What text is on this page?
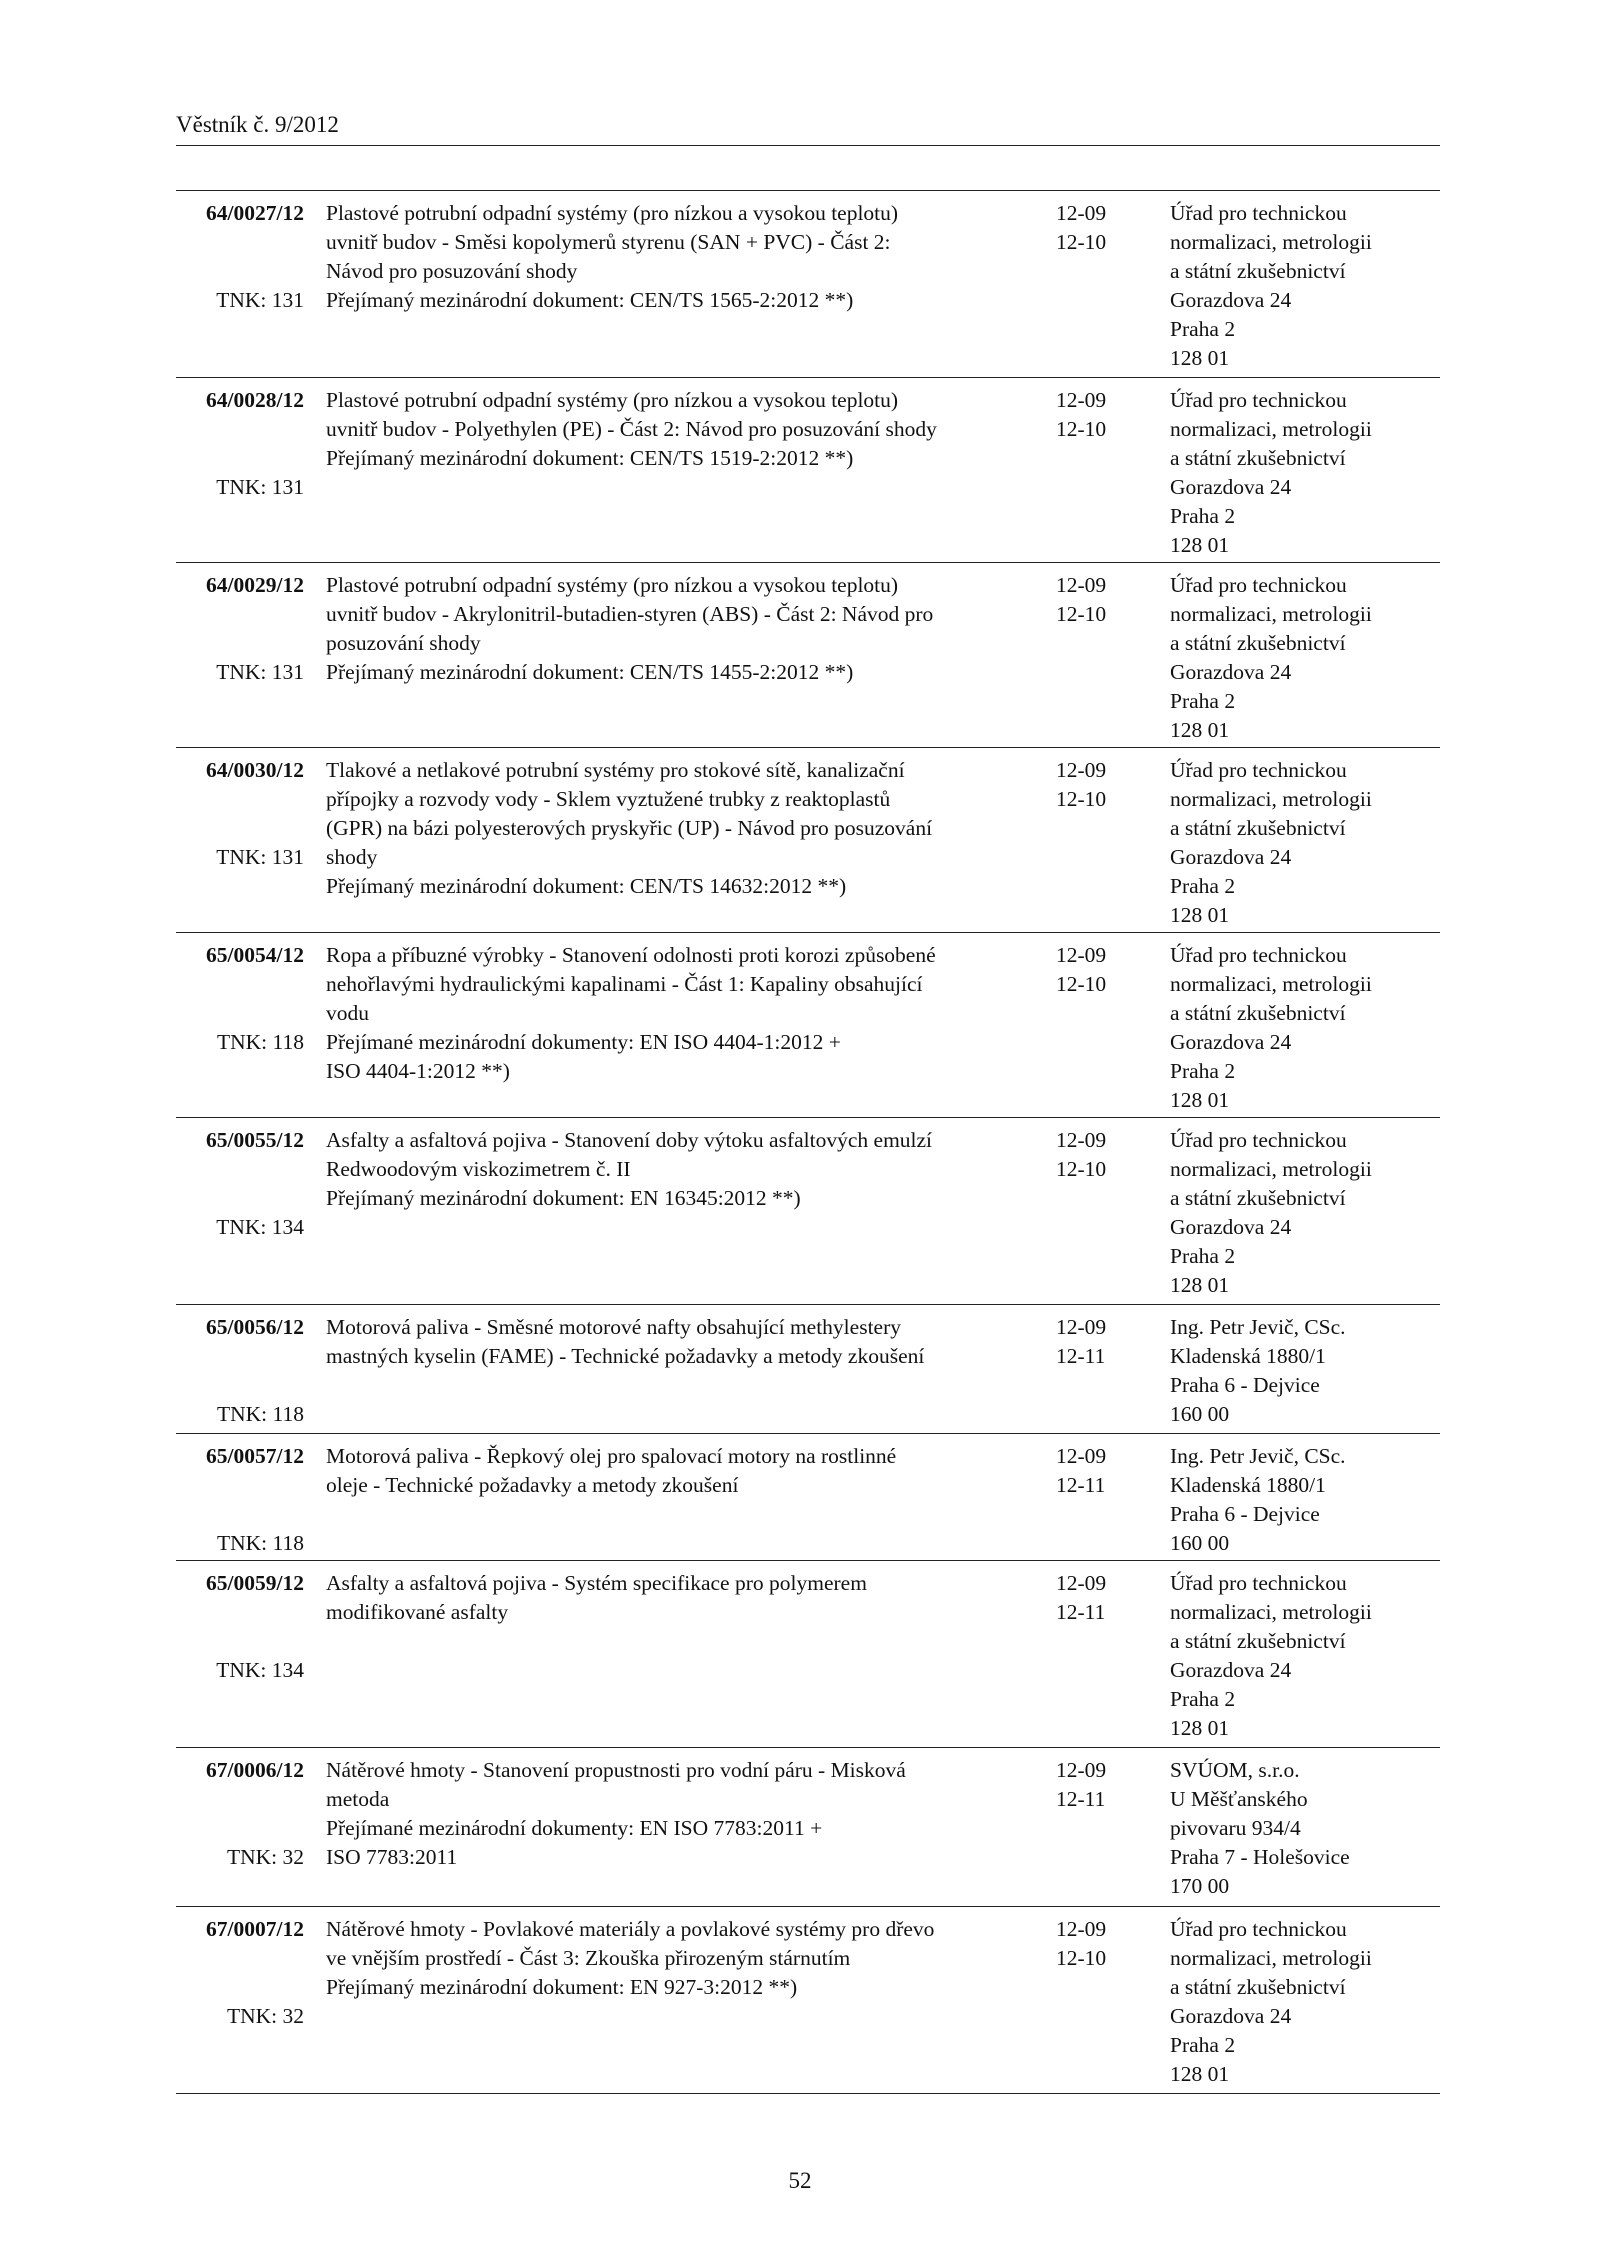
Věstník č. 9/2012
64/0027/12
TNK: 131
Plastové potrubní odpadní systémy (pro nízkou a vysokou teplotu)
uvnitř budov - Směsi kopolymerů styrenu (SAN + PVC) - Část 2:
Návod pro posuzování shody
Přejímaný mezinárodní dokument: CEN/TS 1565-2:2012 **)
12-09
12-10
Úřad pro technickou
normalizaci, metrologii
a státní zkušebnictví
Gorazdova 24
Praha 2
128 01
64/0028/12
TNK: 131
Plastové potrubní odpadní systémy (pro nízkou a vysokou teplotu)
uvnitř budov - Polyethylen (PE) - Část 2: Návod pro posuzování shody
Přejímaný mezinárodní dokument: CEN/TS 1519-2:2012 **)
12-09
12-10
Úřad pro technickou
normalizaci, metrologii
a státní zkušebnictví
Gorazdova 24
Praha 2
128 01
64/0029/12
TNK: 131
Plastové potrubní odpadní systémy (pro nízkou a vysokou teplotu)
uvnitř budov - Akrylonitril-butadien-styren (ABS) - Část 2: Návod pro
posuzování shody
Přejímaný mezinárodní dokument: CEN/TS 1455-2:2012 **)
12-09
12-10
Úřad pro technickou
normalizaci, metrologii
a státní zkušebnictví
Gorazdova 24
Praha 2
128 01
64/0030/12
TNK: 131
Tlakové a netlakové potrubní systémy pro stokové sítě, kanalizační
přípojky a rozvody vody - Sklem vyztužené trubky z reaktoplastů
(GPR) na bázi polyesterových pryskyřic (UP) - Návod pro posuzování
shody
Přejímaný mezinárodní dokument: CEN/TS 14632:2012 **)
12-09
12-10
Úřad pro technickou
normalizaci, metrologii
a státní zkušebnictví
Gorazdova 24
Praha 2
128 01
65/0054/12
TNK: 118
Ropa a příbuzné výrobky - Stanovení odolnosti proti korozi způsobené
nehořlavými hydraulickými kapalinami - Část 1: Kapaliny obsahující
vodu
Přejímané mezinárodní dokumenty: EN ISO 4404-1:2012 +
ISO 4404-1:2012 **)
12-09
12-10
Úřad pro technickou
normalizaci, metrologii
a státní zkušebnictví
Gorazdova 24
Praha 2
128 01
65/0055/12
TNK: 134
Asfalty a asfaltová pojiva - Stanovení doby výtoku asfaltových emulzí
Redwoodovým viskozimetrem č. II
Přejímaný mezinárodní dokument: EN 16345:2012 **)
12-09
12-10
Úřad pro technickou
normalizaci, metrologii
a státní zkušebnictví
Gorazdova 24
Praha 2
128 01
65/0056/12
TNK: 118
Motorová paliva - Směsné motorové nafty obsahující methylestery
mastných kyselin (FAME) - Technické požadavky a metody zkoušení
12-09
12-11
Ing. Petr Jevič, CSc.
Kladenská 1880/1
Praha 6 - Dejvice
160 00
65/0057/12
TNK: 118
Motorová paliva - Řepkový olej pro spalovací motory na rostlinné
oleje - Technické požadavky a metody zkoušení
12-09
12-11
Ing. Petr Jevič, CSc.
Kladenská 1880/1
Praha 6 - Dejvice
160 00
65/0059/12
TNK: 134
Asfalty a asfaltová pojiva - Systém specifikace pro polymerem
modifikované asfalty
12-09
12-11
Úřad pro technickou
normalizaci, metrologii
a státní zkušebnictví
Gorazdova 24
Praha 2
128 01
67/0006/12
TNK: 32
Nátěrové hmoty - Stanovení propustnosti pro vodní páru - Misková
metoda
Přejímané mezinárodní dokumenty: EN ISO 7783:2011 +
ISO 7783:2011
12-09
12-11
SVÚOM, s.r.o.
U Měšťanského
pivovaru 934/4
Praha 7 - Holešovice
170 00
67/0007/12
TNK: 32
Nátěrové hmoty - Povlakové materiály a povlakové systémy pro dřevo
ve vnějším prostředí - Část 3: Zkouška přirozeným stárnutím
Přejímaný mezinárodní dokument: EN 927-3:2012 **)
12-09
12-10
Úřad pro technickou
normalizaci, metrologii
a státní zkušebnictví
Gorazdova 24
Praha 2
128 01
52
